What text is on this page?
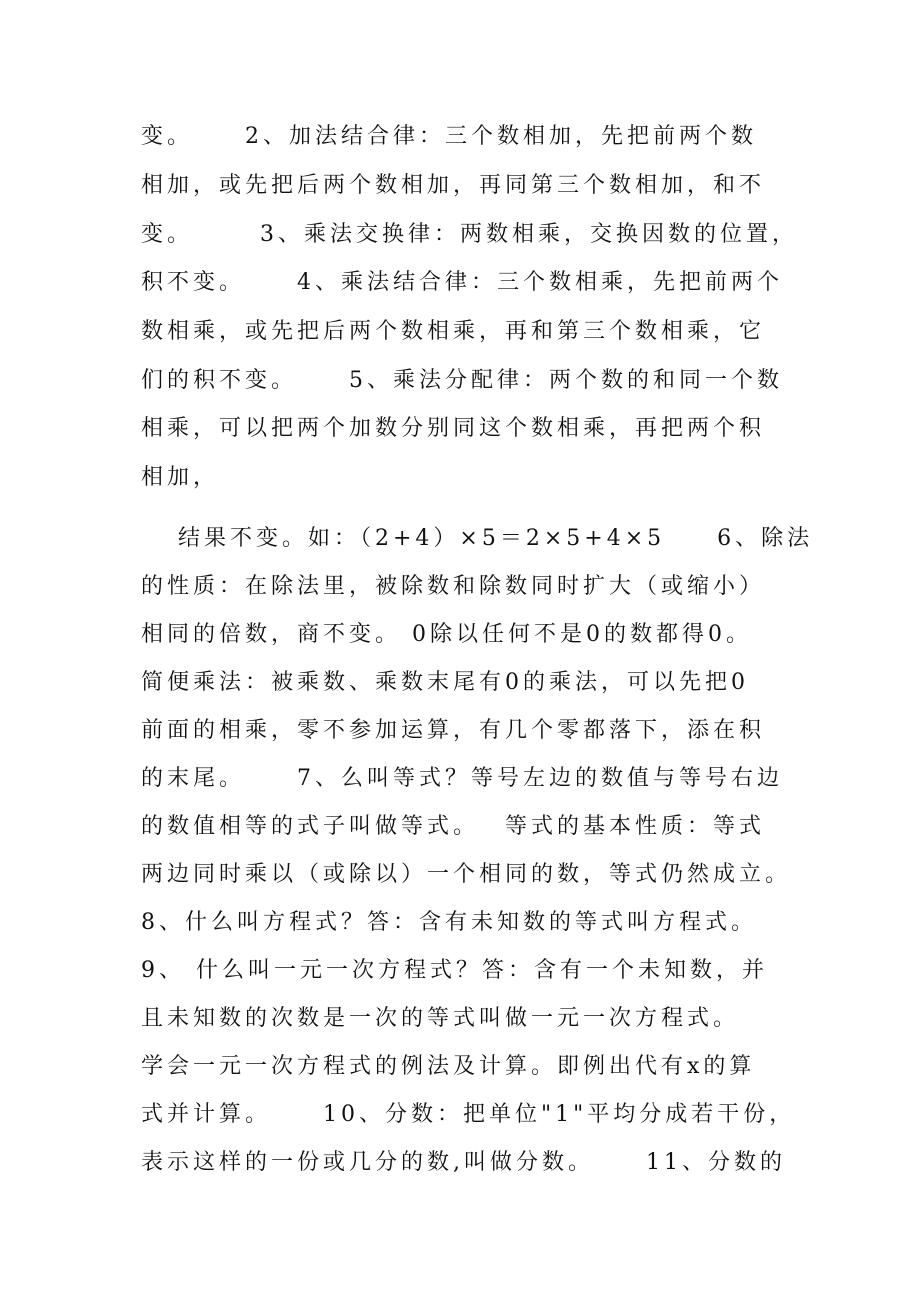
变。　　 2、加法结合律：三个数相加，先把前两个数
相加，或先把后两个数相加，再同第三个数相加，和不
变。　　　3、乘法交换律：两数相乘，交换因数的位置，
积不变。　　 4、乘法结合律：三个数相乘，先把前两个
数相乘，或先把后两个数相乘，再和第三个数相乘，它
们的积不变。　　 5、乘法分配律：两个数的和同一个数
相乘，可以把两个加数分别同这个数相乘，再把两个积
相加，
　 结果不变。如：（2+4）×5＝2×5+4×5　　6、除法
的性质：在除法里，被除数和除数同时扩大（或缩小）
相同的倍数，商不变。 0除以任何不是0的数都得0。
简便乘法：被乘数、乘数末尾有0的乘法，可以先把0
前面的相乘，零不参加运算，有几个零都落下，添在积
的末尾。　　 7、么叫等式？等号左边的数值与等号右边
的数值相等的式子叫做等式。　 等式的基本性质：等式
两边同时乘以（或除以）一个相同的数，等式仍然成立。
8、什么叫方程式？答：含有未知数的等式叫方程式。
9、 什么叫一元一次方程式？答：含有一个未知数，并
且未知数的次数是一次的等式叫做一元一次方程式。
学会一元一次方程式的例法及计算。即例出代有x的算
式并计算。　　 10、分数：把单位"1"平均分成若干份，
表示这样的一份或几分的数,叫做分数。　　 11、分数的
